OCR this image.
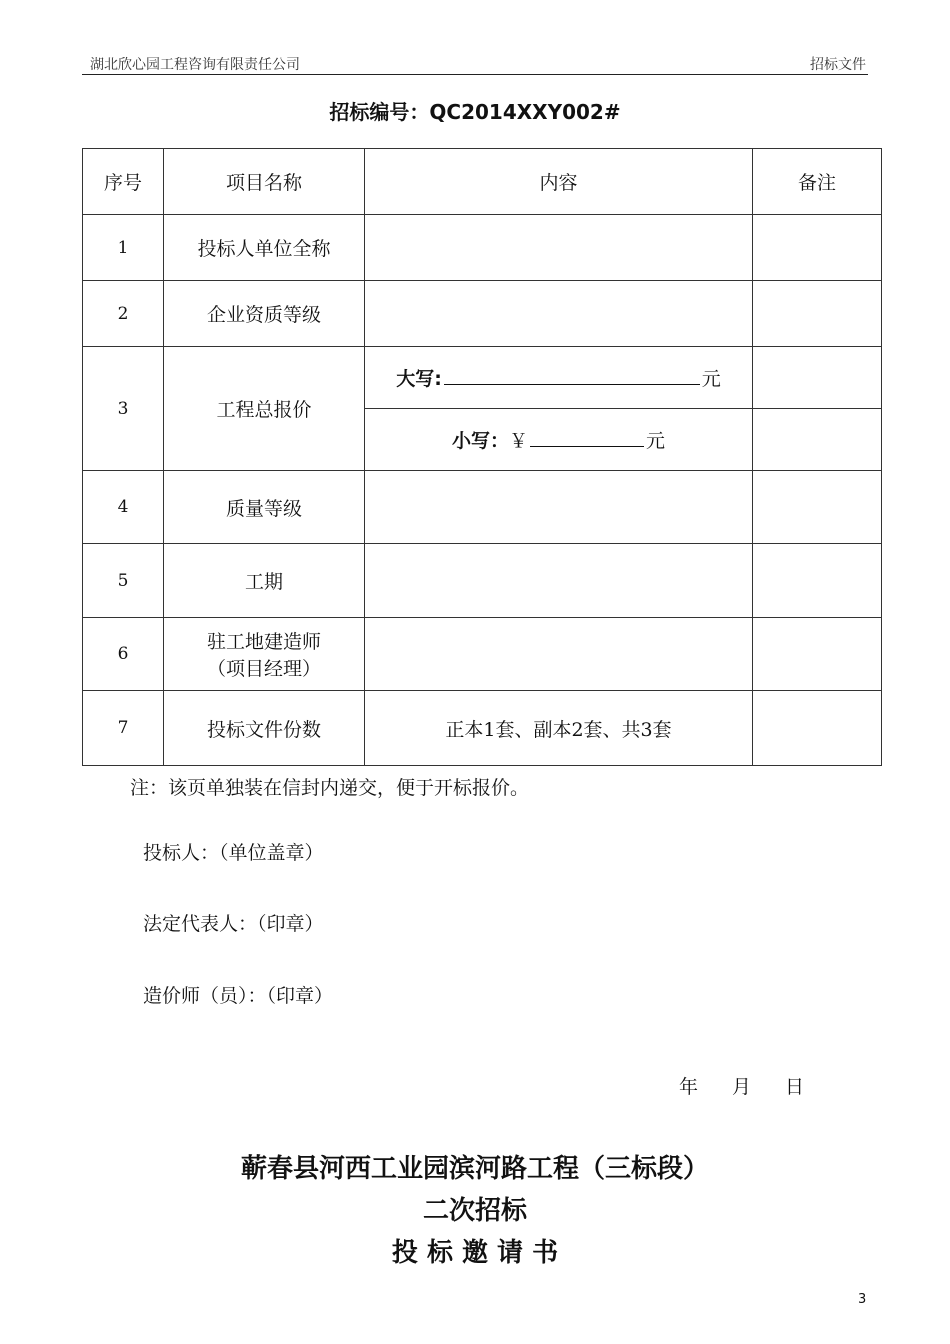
湖北欣心园工程咨询有限责任公司	招标文件
招标编号：QC2014XXY002#
序号	项目名称	内容	备注
1	投标人单位全称		
2	企业资质等级		
3	工程总报价	大写: 元	
		小写：￥ 元	
4	质量等级		
5	工期		
6	驻工地建造师
（项目经理）		

7	投标文件份数	正本1套、副本2套、共3套	
注：该页单独装在信封内递交，便于开标报价。
投标人：（单位盖章）
法定代表人：（印章）
造价师（员）：（印章）
年 月 日
蕲春县河西工业园滨河路工程（三标段）
二次招标
投 标 邀 请 书
3
